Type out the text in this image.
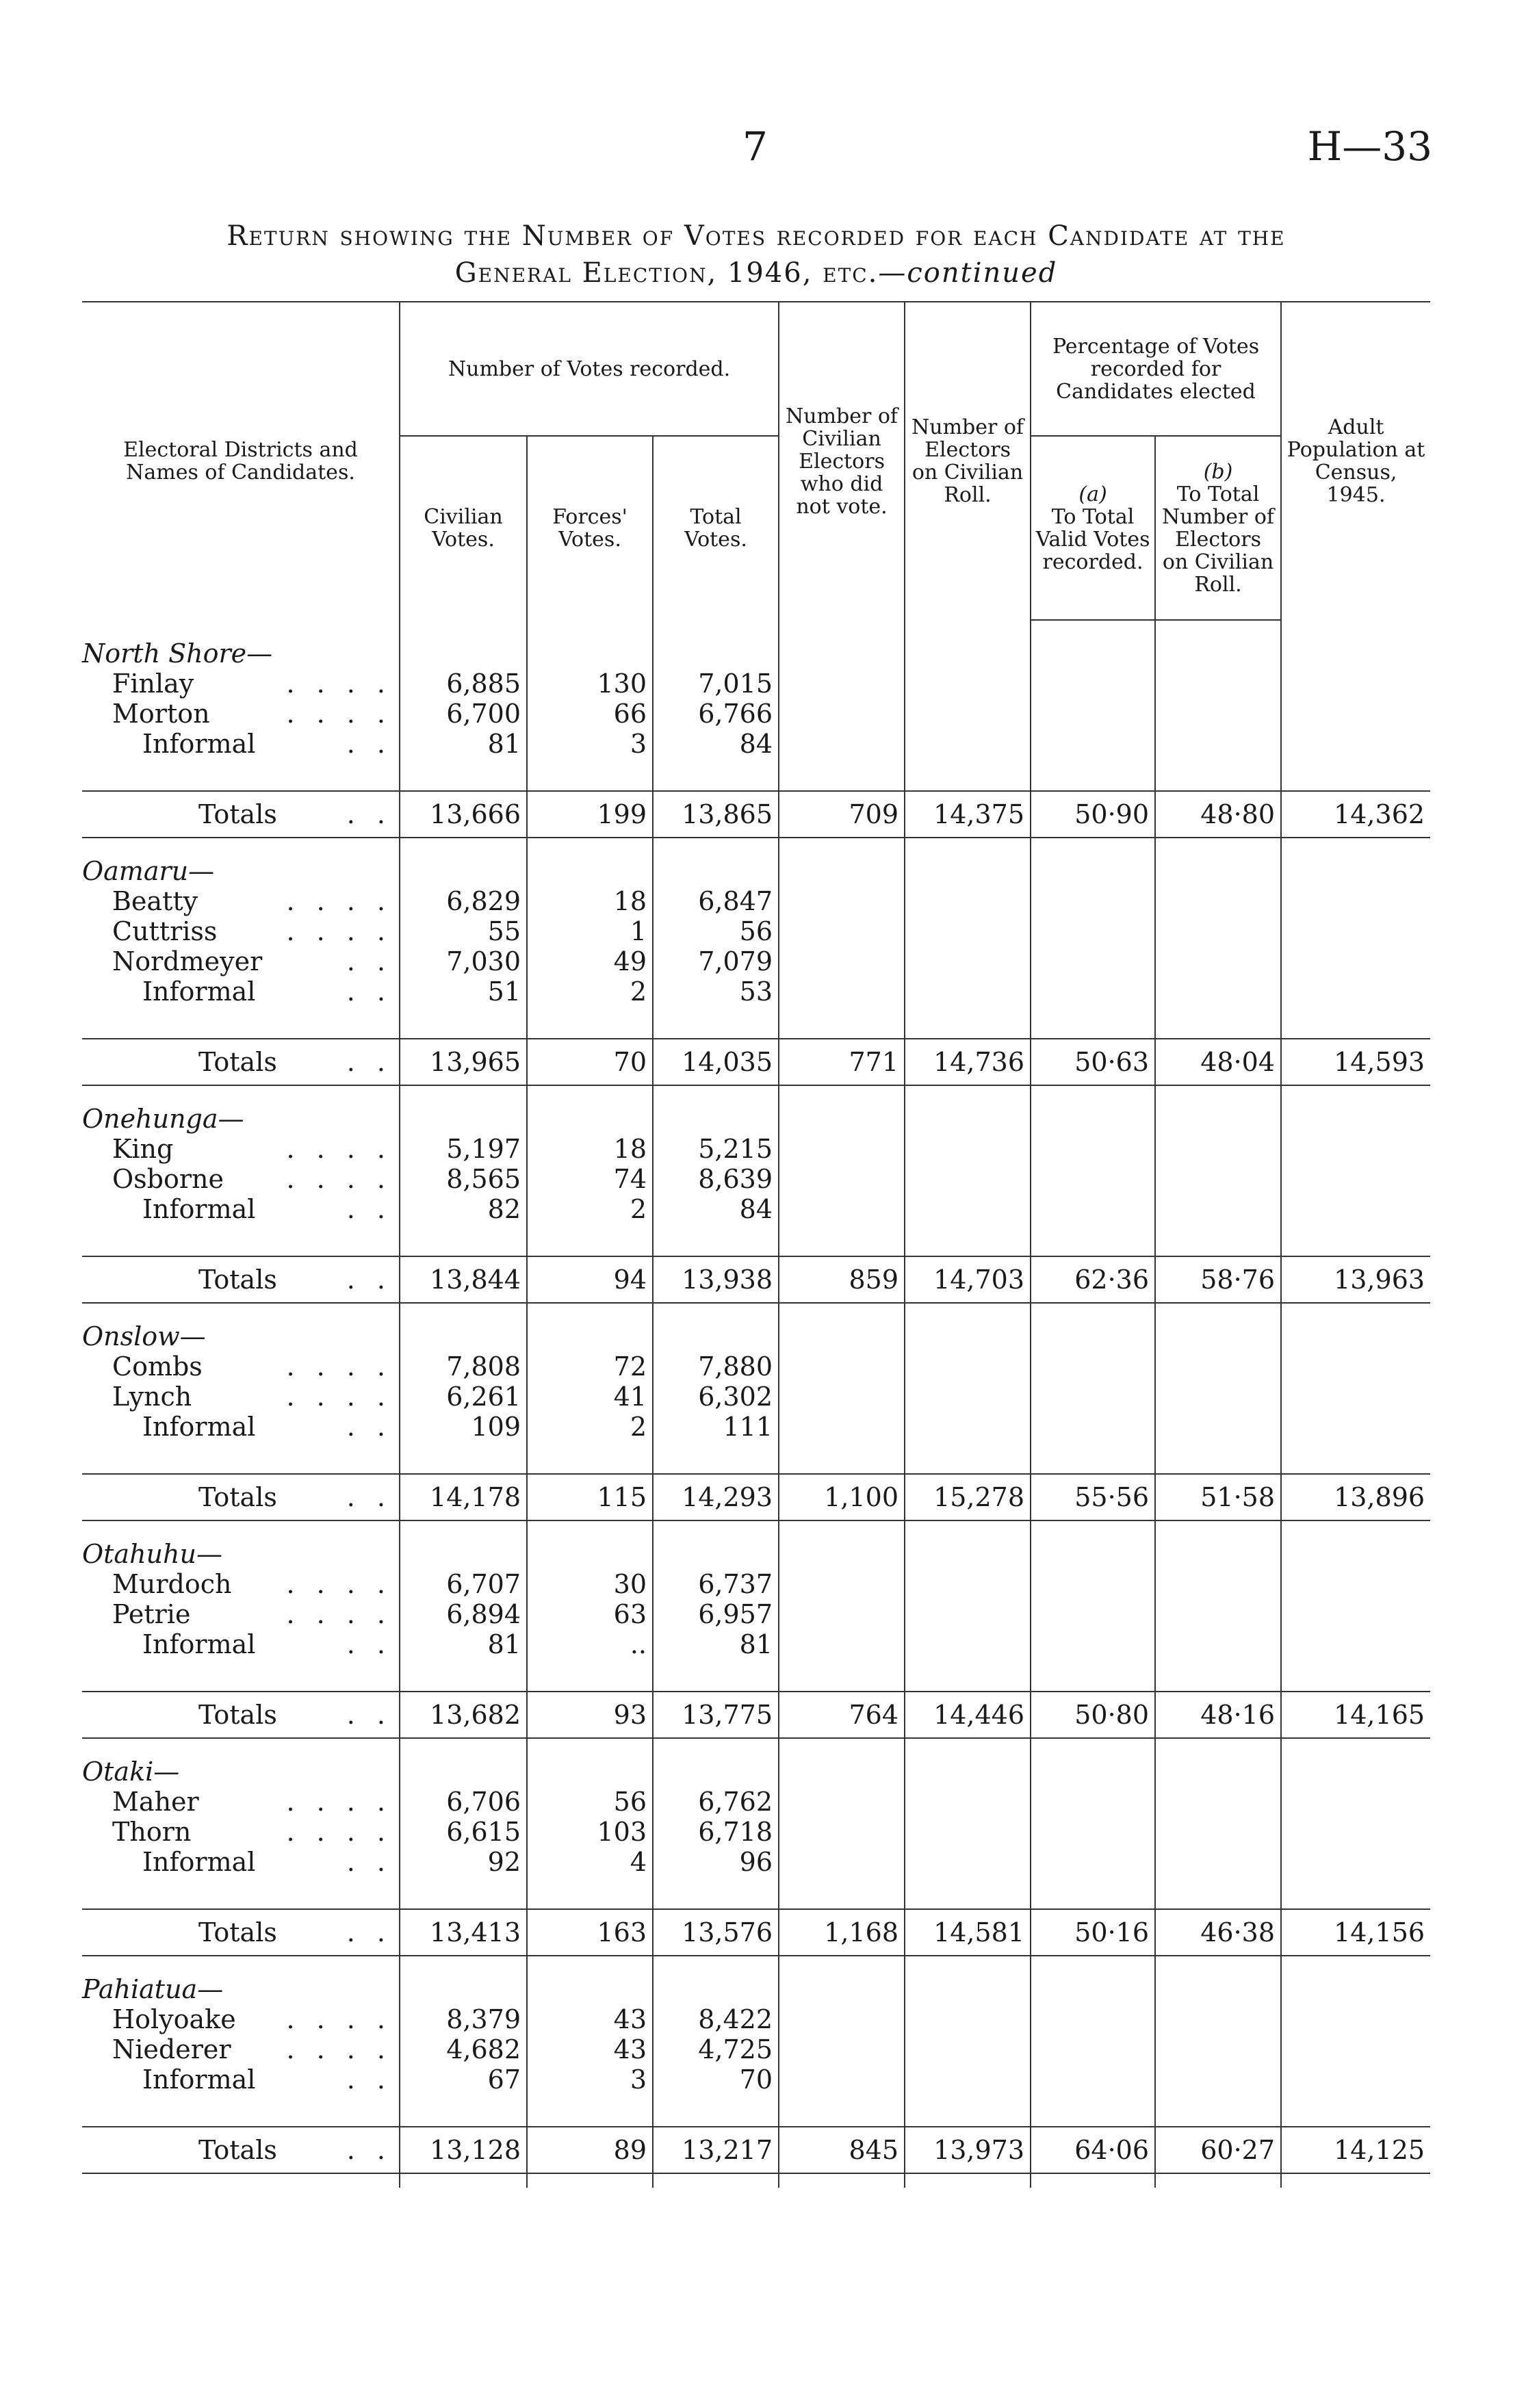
7	H—33
Return showing the Number of Votes recorded for each Candidate at the
General Election, 1946, etc.—continued
Electoral Districts and Names of Candidates.	Number of Votes recorded.			Number of Civilian Electors who did not vote.	Number of Electors on Civilian Roll.	Percentage of Votes recorded for Candidates elected		Adult Population at Census, 1945.
	Civilian Votes.	Forces' Votes.	Total Votes.					
						(a)
To Total Valid Votes recorded.	(b)
To Total Number of Electors on Civilian Roll.	

North Shore—								
Finlay . . . .	6,885	130	7,015					
Morton . . . .	6,700	66	6,766					
Informal . .	81	3	84					

Totals . .	13,666	199	13,865	709	14,375	50·90	48·80	14,362

Oamaru—								
Beatty . . . .	6,829	18	6,847					
Cuttriss . . . .	55	1	56					
Nordmeyer . .	7,030	49	7,079					
Informal . .	51	2	53					

Totals . .	13,965	70	14,035	771	14,736	50·63	48·04	14,593

Onehunga—								
King . . . .	5,197	18	5,215					
Osborne . . . .	8,565	74	8,639					
Informal . .	82	2	84					

Totals . .	13,844	94	13,938	859	14,703	62·36	58·76	13,963

Onslow—								
Combs . . . .	7,808	72	7,880					
Lynch . . . .	6,261	41	6,302					
Informal . .	109	2	111					

Totals . .	14,178	115	14,293	1,100	15,278	55·56	51·58	13,896

Otahuhu—								
Murdoch . . . .	6,707	30	6,737					
Petrie . . . .	6,894	63	6,957					
Informal . .	81	..	81					

Totals . .	13,682	93	13,775	764	14,446	50·80	48·16	14,165

Otaki—								
Maher . . . .	6,706	56	6,762					
Thorn . . . .	6,615	103	6,718					
Informal . .	92	4	96					

Totals . .	13,413	163	13,576	1,168	14,581	50·16	46·38	14,156

Pahiatua—								
Holyoake . . . .	8,379	43	8,422					
Niederer . . . .	4,682	43	4,725					
Informal . .	67	3	70					

Totals . .	13,128	89	13,217	845	13,973	64·06	60·27	14,125
